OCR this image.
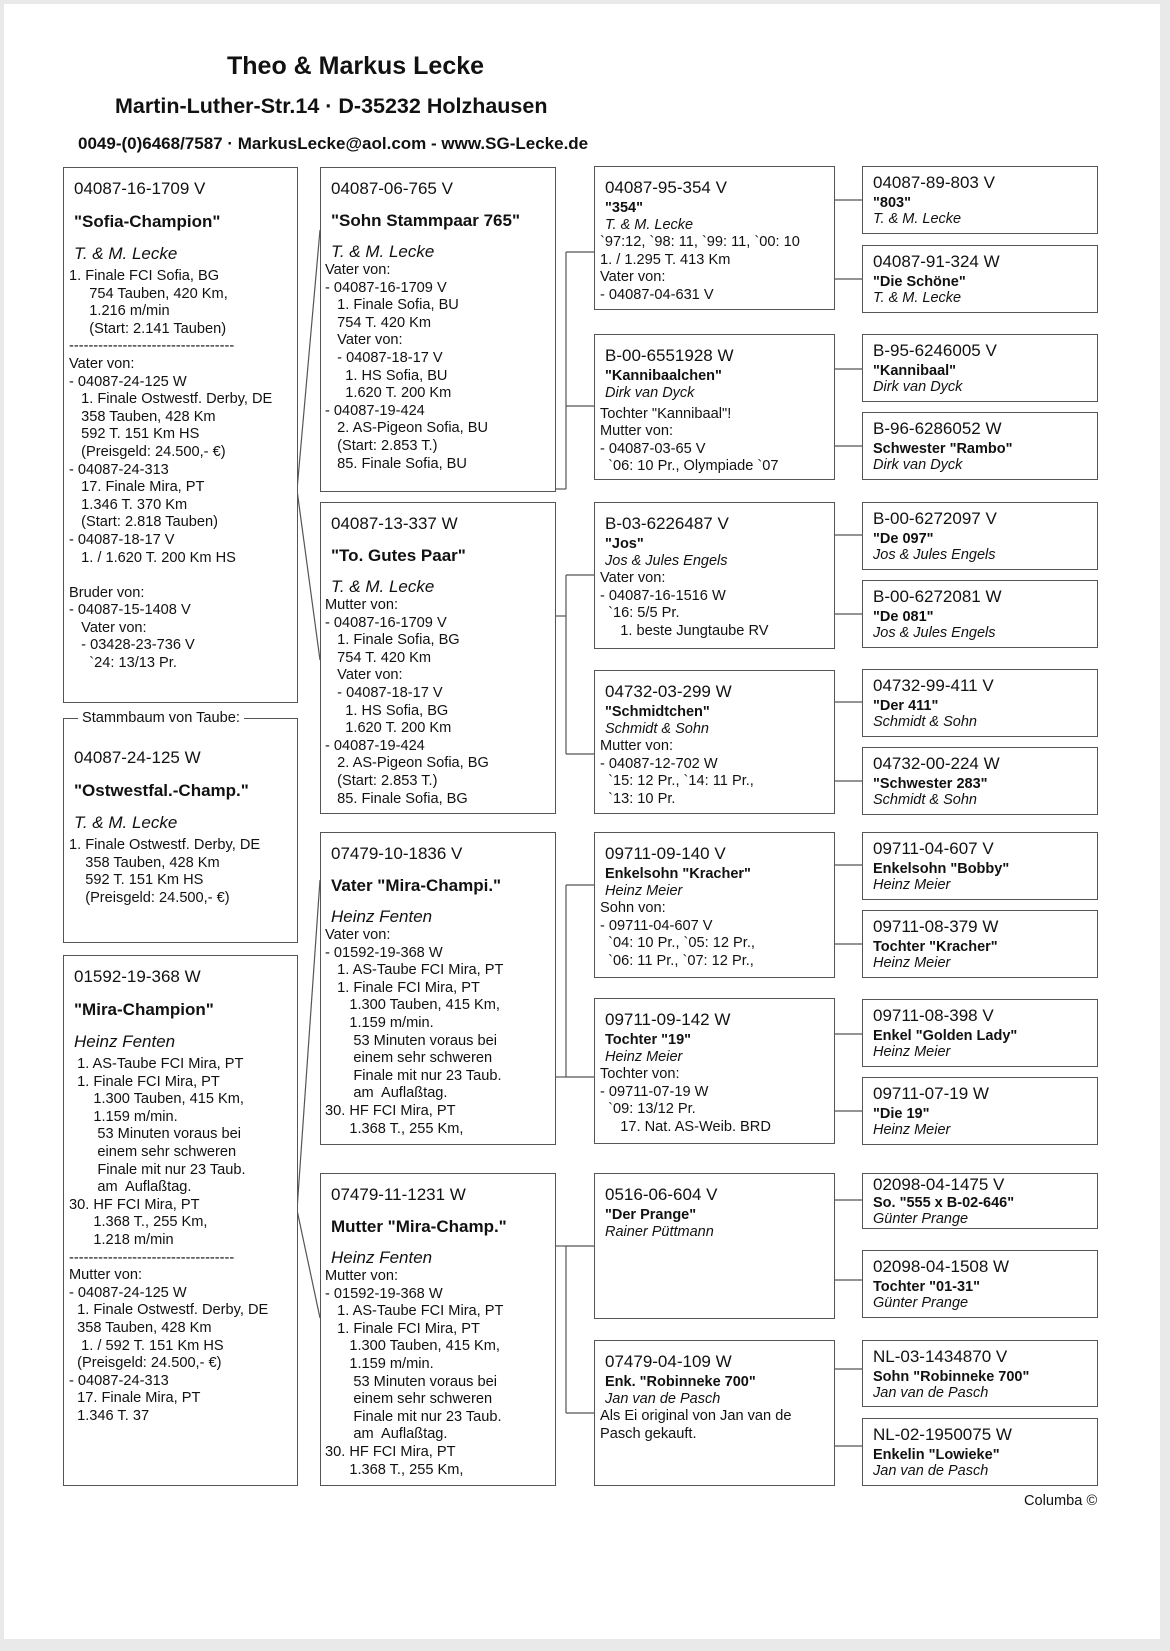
Theo & Markus Lecke
Martin-Luther-Str.14 · D-35232 Holzhausen
0049-(0)6468/7587 · MarkusLecke@aol.com - www.SG-Lecke.de
04087-16-1709 V
"Sofia-Champion"
T. & M. Lecke
1. Finale FCI Sofia, BG
754 Tauben, 420 Km,
1.216 m/min
(Start: 2.141 Tauben)
----------------------------------
Vater von:
- 04087-24-125 W
1. Finale Ostwestf. Derby, DE
358 Tauben, 428 Km
592 T. 151 Km HS
(Preisgeld: 24.500,- €)
- 04087-24-313
17. Finale Mira, PT
1.346 T. 370 Km
(Start: 2.818 Tauben)
- 04087-18-17 V
1. / 1.620 T. 200 Km HS

Bruder von:
- 04087-15-1408 V
Vater von:
- 03428-23-736 V
`24: 13/13 Pr.
04087-24-125 W
"Ostwestfal.-Champ."
T. & M. Lecke
1. Finale Ostwestf. Derby, DE
358 Tauben, 428 Km
592 T. 151 Km HS
(Preisgeld: 24.500,- €)
Stammbaum von Taube:
01592-19-368 W
"Mira-Champion"
Heinz Fenten
1. AS-Taube FCI Mira, PT
1. Finale FCI Mira, PT
1.300 Tauben, 415 Km,
1.159 m/min.
53 Minuten voraus bei
einem sehr schweren
Finale mit nur 23 Taub.
am  Auflaßtag.
30. HF FCI Mira, PT
1.368 T., 255 Km,
1.218 m/min
----------------------------------
Mutter von:
- 04087-24-125 W
1. Finale Ostwestf. Derby, DE
358 Tauben, 428 Km
1. / 592 T. 151 Km HS
(Preisgeld: 24.500,- €)
- 04087-24-313
17. Finale Mira, PT
1.346 T. 37
04087-06-765 V
"Sohn Stammpaar 765"
T. & M. Lecke
Vater von:
- 04087-16-1709 V
1. Finale Sofia, BU
754 T. 420 Km
Vater von:
- 04087-18-17 V
1. HS Sofia, BU
1.620 T. 200 Km
- 04087-19-424
2. AS-Pigeon Sofia, BU
(Start: 2.853 T.)
85. Finale Sofia, BU
04087-13-337 W
"To. Gutes Paar"
T. & M. Lecke
Mutter von:
- 04087-16-1709 V
1. Finale Sofia, BG
754 T. 420 Km
Vater von:
- 04087-18-17 V
1. HS Sofia, BG
1.620 T. 200 Km
- 04087-19-424
2. AS-Pigeon Sofia, BG
(Start: 2.853 T.)
85. Finale Sofia, BG
07479-10-1836 V
Vater "Mira-Champi."
Heinz Fenten
Vater von:
- 01592-19-368 W
1. AS-Taube FCI Mira, PT
1. Finale FCI Mira, PT
1.300 Tauben, 415 Km,
1.159 m/min.
53 Minuten voraus bei
einem sehr schweren
Finale mit nur 23 Taub.
am  Auflaßtag.
30. HF FCI Mira, PT
1.368 T., 255 Km,
07479-11-1231 W
Mutter "Mira-Champ."
Heinz Fenten
Mutter von:
- 01592-19-368 W
1. AS-Taube FCI Mira, PT
1. Finale FCI Mira, PT
1.300 Tauben, 415 Km,
1.159 m/min.
53 Minuten voraus bei
einem sehr schweren
Finale mit nur 23 Taub.
am  Auflaßtag.
30. HF FCI Mira, PT
1.368 T., 255 Km,
04087-95-354 V
"354"
T. & M. Lecke
`97:12, `98: 11, `99: 11, `00: 10
1. / 1.295 T. 413 Km
Vater von:
- 04087-04-631 V
B-00-6551928 W
"Kannibaalchen"
Dirk van Dyck

Tochter "Kannibaal"!
Mutter von:
- 04087-03-65 V
`06: 10 Pr., Olympiade `07
B-03-6226487 V
"Jos"
Jos & Jules Engels
Vater von:
- 04087-16-1516 W
`16: 5/5 Pr.
1. beste Jungtaube RV
04732-03-299 W
"Schmidtchen"
Schmidt & Sohn
Mutter von:
- 04087-12-702 W
`15: 12 Pr., `14: 11 Pr.,
`13: 10 Pr.
09711-09-140 V
Enkelsohn "Kracher"
Heinz Meier
Sohn von:
- 09711-04-607 V
`04: 10 Pr., `05: 12 Pr.,
`06: 11 Pr., `07: 12 Pr.,
09711-09-142 W
Tochter "19"
Heinz Meier
Tochter von:
- 09711-07-19 W
`09: 13/12 Pr.
17. Nat. AS-Weib. BRD
0516-06-604 V
"Der Prange"
Rainer Püttmann
07479-04-109 W
Enk. "Robinneke 700"
Jan van de Pasch
Als Ei original von Jan van de
Pasch gekauft.
04087-89-803 V
"803"
T. & M. Lecke
04087-91-324 W
"Die Schöne"
T. & M. Lecke
B-95-6246005 V
"Kannibaal"
Dirk van Dyck
B-96-6286052 W
Schwester "Rambo"
Dirk van Dyck
B-00-6272097 V
"De 097"
Jos & Jules Engels
B-00-6272081 W
"De 081"
Jos & Jules Engels
04732-99-411 V
"Der 411"
Schmidt & Sohn
04732-00-224 W
"Schwester 283"
Schmidt & Sohn
09711-04-607 V
Enkelsohn "Bobby"
Heinz Meier
09711-08-379 W
Tochter "Kracher"
Heinz Meier
09711-08-398 V
Enkel "Golden Lady"
Heinz Meier
09711-07-19 W
"Die 19"
Heinz Meier
02098-04-1475 V
So. "555 x B-02-646"
Günter Prange
02098-04-1508 W
Tochter "01-31"
Günter Prange
NL-03-1434870 V
Sohn "Robinneke 700"
Jan van de Pasch
NL-02-1950075 W
Enkelin "Lowieke"
Jan van de Pasch
Columba ©
